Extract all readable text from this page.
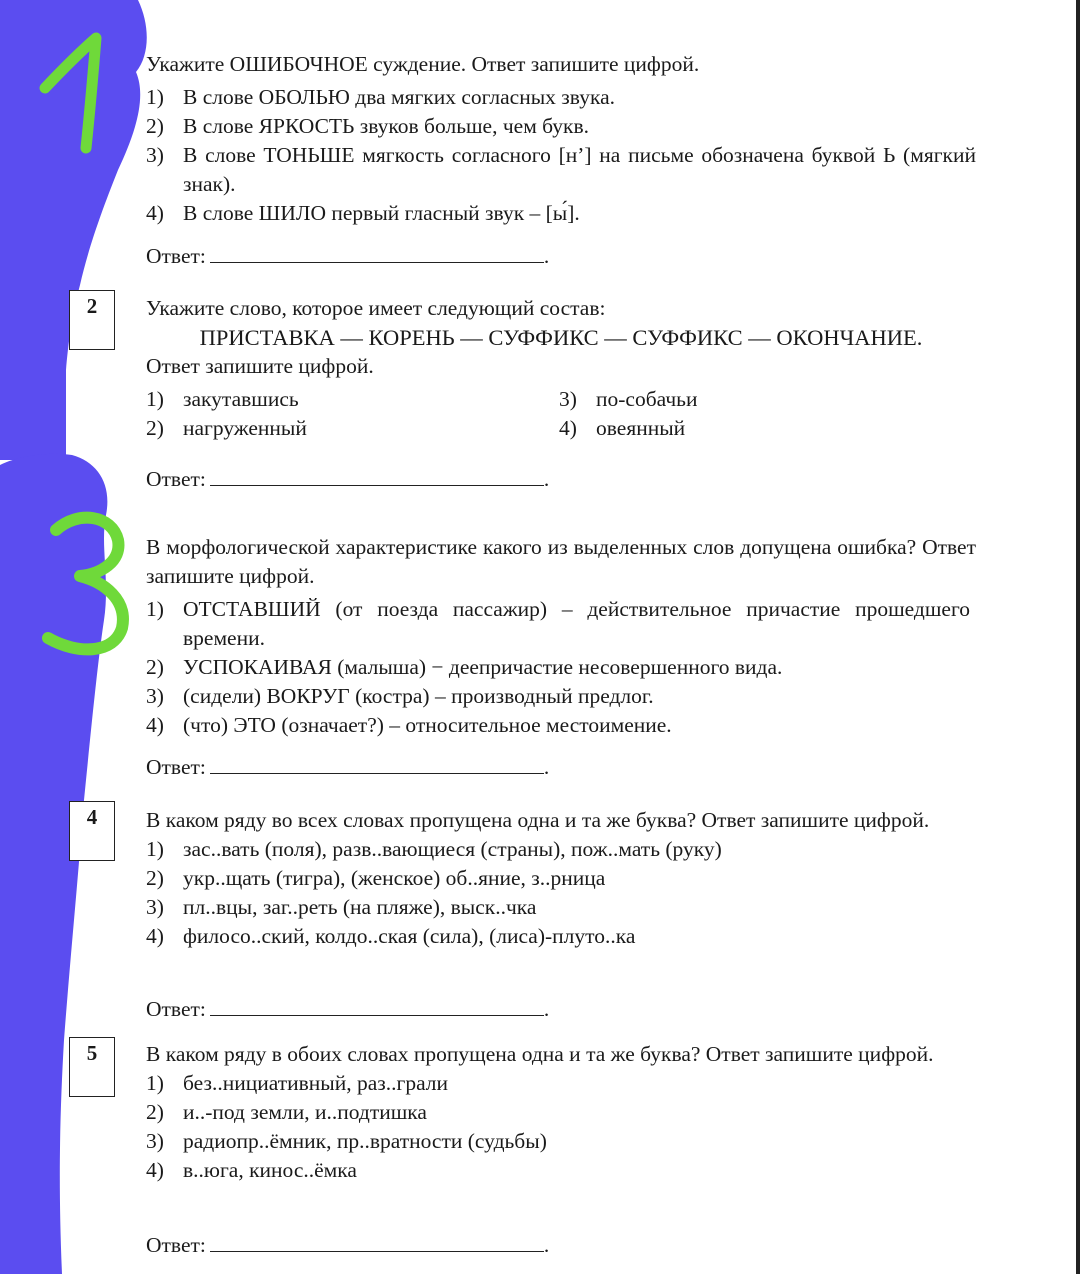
Укажите ОШИБОЧНОЕ суждение. Ответ запишите цифрой.

1) В слове ОБОЛЬЮ два мягких согласных звука.
2) В слове ЯРКОСТЬ звуков больше, чем букв.
3) В слове ТОНЬШЕ мягкость согласного [н’] на письме обозначена буквой Ь (мягкий знак).
4) В слове ШИЛО первый гласный звук – [ы́].
Ответ:	.
2	Укажите слово, которое имеет следующий состав:

ПРИСТАВКА — КОРЕНЬ — СУФФИКС — СУФФИКС — ОКОНЧАНИЕ.

Ответ запишите цифрой.

1) закутавшись	3) по-собачьи
2) нагруженный	4) овеянный
Ответ:	.

В морфологической характеристике какого из выделенных слов допущена ошибка? Ответ запишите цифрой.

1) ОТСТАВШИЙ (от поезда пассажир) – действительное причастие прошедшего времени.
2) УСПОКАИВАЯ (малыша) − деепричастие несовершенного вида.
3) (сидели) ВОКРУГ (костра) – производный предлог.
4) (что) ЭТО (означает?) – относительное местоимение.
Ответ:	.
4	В каком ряду во всех словах пропущена одна и та же буква? Ответ запишите цифрой.

1) зас..вать (поля), разв..вающиеся (страны), пож..мать (руку)
2) укр..щать (тигра), (женское) об..яние, з..рница
3) пл..вцы, заг..реть (на пляже), выск..чка
4) филосо..ский, колдо..ская (сила), (лиса)-плуто..ка
Ответ:	.
5	В каком ряду в обоих словах пропущена одна и та же буква? Ответ запишите цифрой.

1) без..нициативный, раз..грали
2) и..-под земли, и..подтишка
3) радиопр..ёмник, пр..вратности (судьбы)
4) в..юга, кинос..ёмка
Ответ:	.
